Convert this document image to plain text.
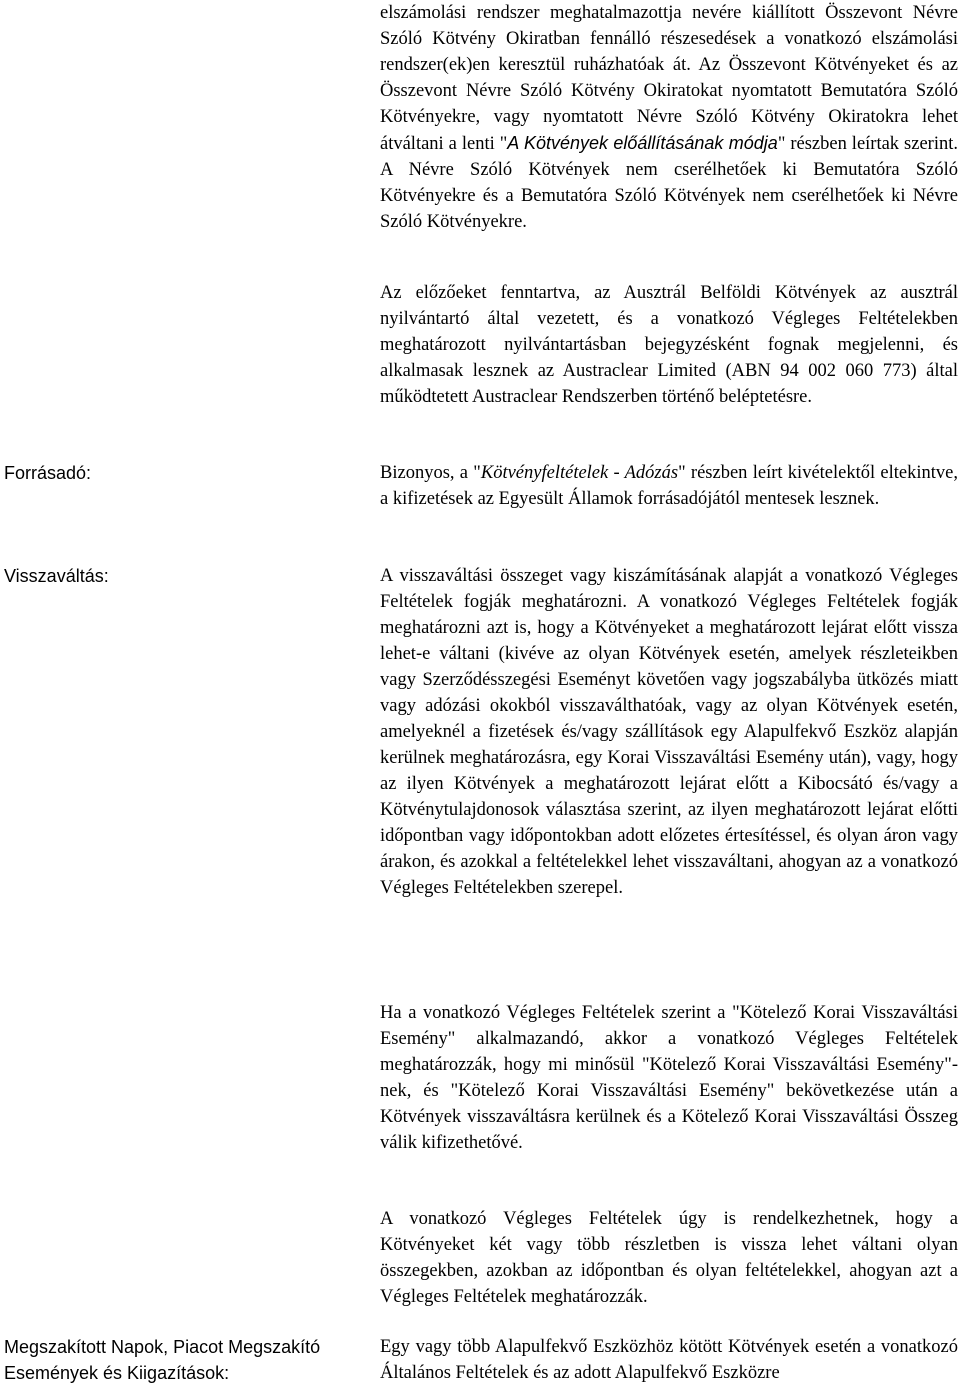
elszámolási rendszer meghatalmazottja nevére kiállított Összevont Névre Szóló Kötvény Okiratban fennálló részesedések a vonatkozó elszámolási rendszer(ek)en keresztül ruházhatóak át. Az Összevont Kötvényeket és az Összevont Névre Szóló Kötvény Okiratokat nyomtatott Bemutatóra Szóló Kötvényekre, vagy nyomtatott Névre Szóló Kötvény Okiratokra lehet átváltani a lenti "A Kötvények előállításának módja" részben leírtak szerint. A Névre Szóló Kötvények nem cserélhetőek ki Bemutatóra Szóló Kötvényekre és a Bemutatóra Szóló Kötvények nem cserélhetőek ki Névre Szóló Kötvényekre.

Az előzőeket fenntartva, az Ausztrál Belföldi Kötvények az ausztrál nyilvántartó által vezetett, és a vonatkozó Végleges Feltételekben meghatározott nyilvántartásban bejegyzésként fognak megjelenni, és alkalmasak lesznek az Austraclear Limited (ABN 94 002 060 773) által működtetett Austraclear Rendszerben történő beléptetésre.

Forrásadó:	Bizonyos, a "Kötvényfeltételek - Adózás" részben leírt kivételektől eltekintve, a kifizetések az Egyesült Államok forrásadójától mentesek lesznek.

Visszaváltás:	A visszaváltási összeget vagy kiszámításának alapját a vonatkozó Végleges Feltételek fogják meghatározni. A vonatkozó Végleges Feltételek fogják meghatározni azt is, hogy a Kötvényeket a meghatározott lejárat előtt vissza lehet-e váltani (kivéve az olyan Kötvények esetén, amelyek részleteikben vagy Szerződésszegési Eseményt követően vagy jogszabályba ütközés miatt vagy adózási okokból visszaválthatóak, vagy az olyan Kötvények esetén, amelyeknél a fizetések és/vagy szállítások egy Alapulfekvő Eszköz alapján kerülnek meghatározásra, egy Korai Visszaváltási Esemény után), vagy, hogy az ilyen Kötvények a meghatározott lejárat előtt a Kibocsátó és/vagy a Kötvénytulajdonosok választása szerint, az ilyen meghatározott lejárat előtti időpontban vagy időpontokban adott előzetes értesítéssel, és olyan áron vagy árakon, és azokkal a feltételekkel lehet visszaváltani, ahogyan az a vonatkozó Végleges Feltételekben szerepel.

Ha a vonatkozó Végleges Feltételek szerint a "Kötelező Korai Visszaváltási Esemény" alkalmazandó, akkor a vonatkozó Végleges Feltételek meghatározzák, hogy mi minősül "Kötelező Korai Visszaváltási Esemény"-nek, és "Kötelező Korai Visszaváltási Esemény" bekövetkezése után a Kötvények visszaváltásra kerülnek és a Kötelező Korai Visszaváltási Összeg válik kifizethetővé.

A vonatkozó Végleges Feltételek úgy is rendelkezhetnek, hogy a Kötvényeket két vagy több részletben is vissza lehet váltani olyan összegekben, azokban az időpontban és olyan feltételekkel, ahogyan azt a Végleges Feltételek meghatározzák.

Megszakított Napok, Piacot Megszakító Események és Kiigazítások:

Egy vagy több Alapulfekvő Eszközhöz kötött Kötvények esetén a vonatkozó Általános Feltételek és az adott Alapulfekvő Eszközre
